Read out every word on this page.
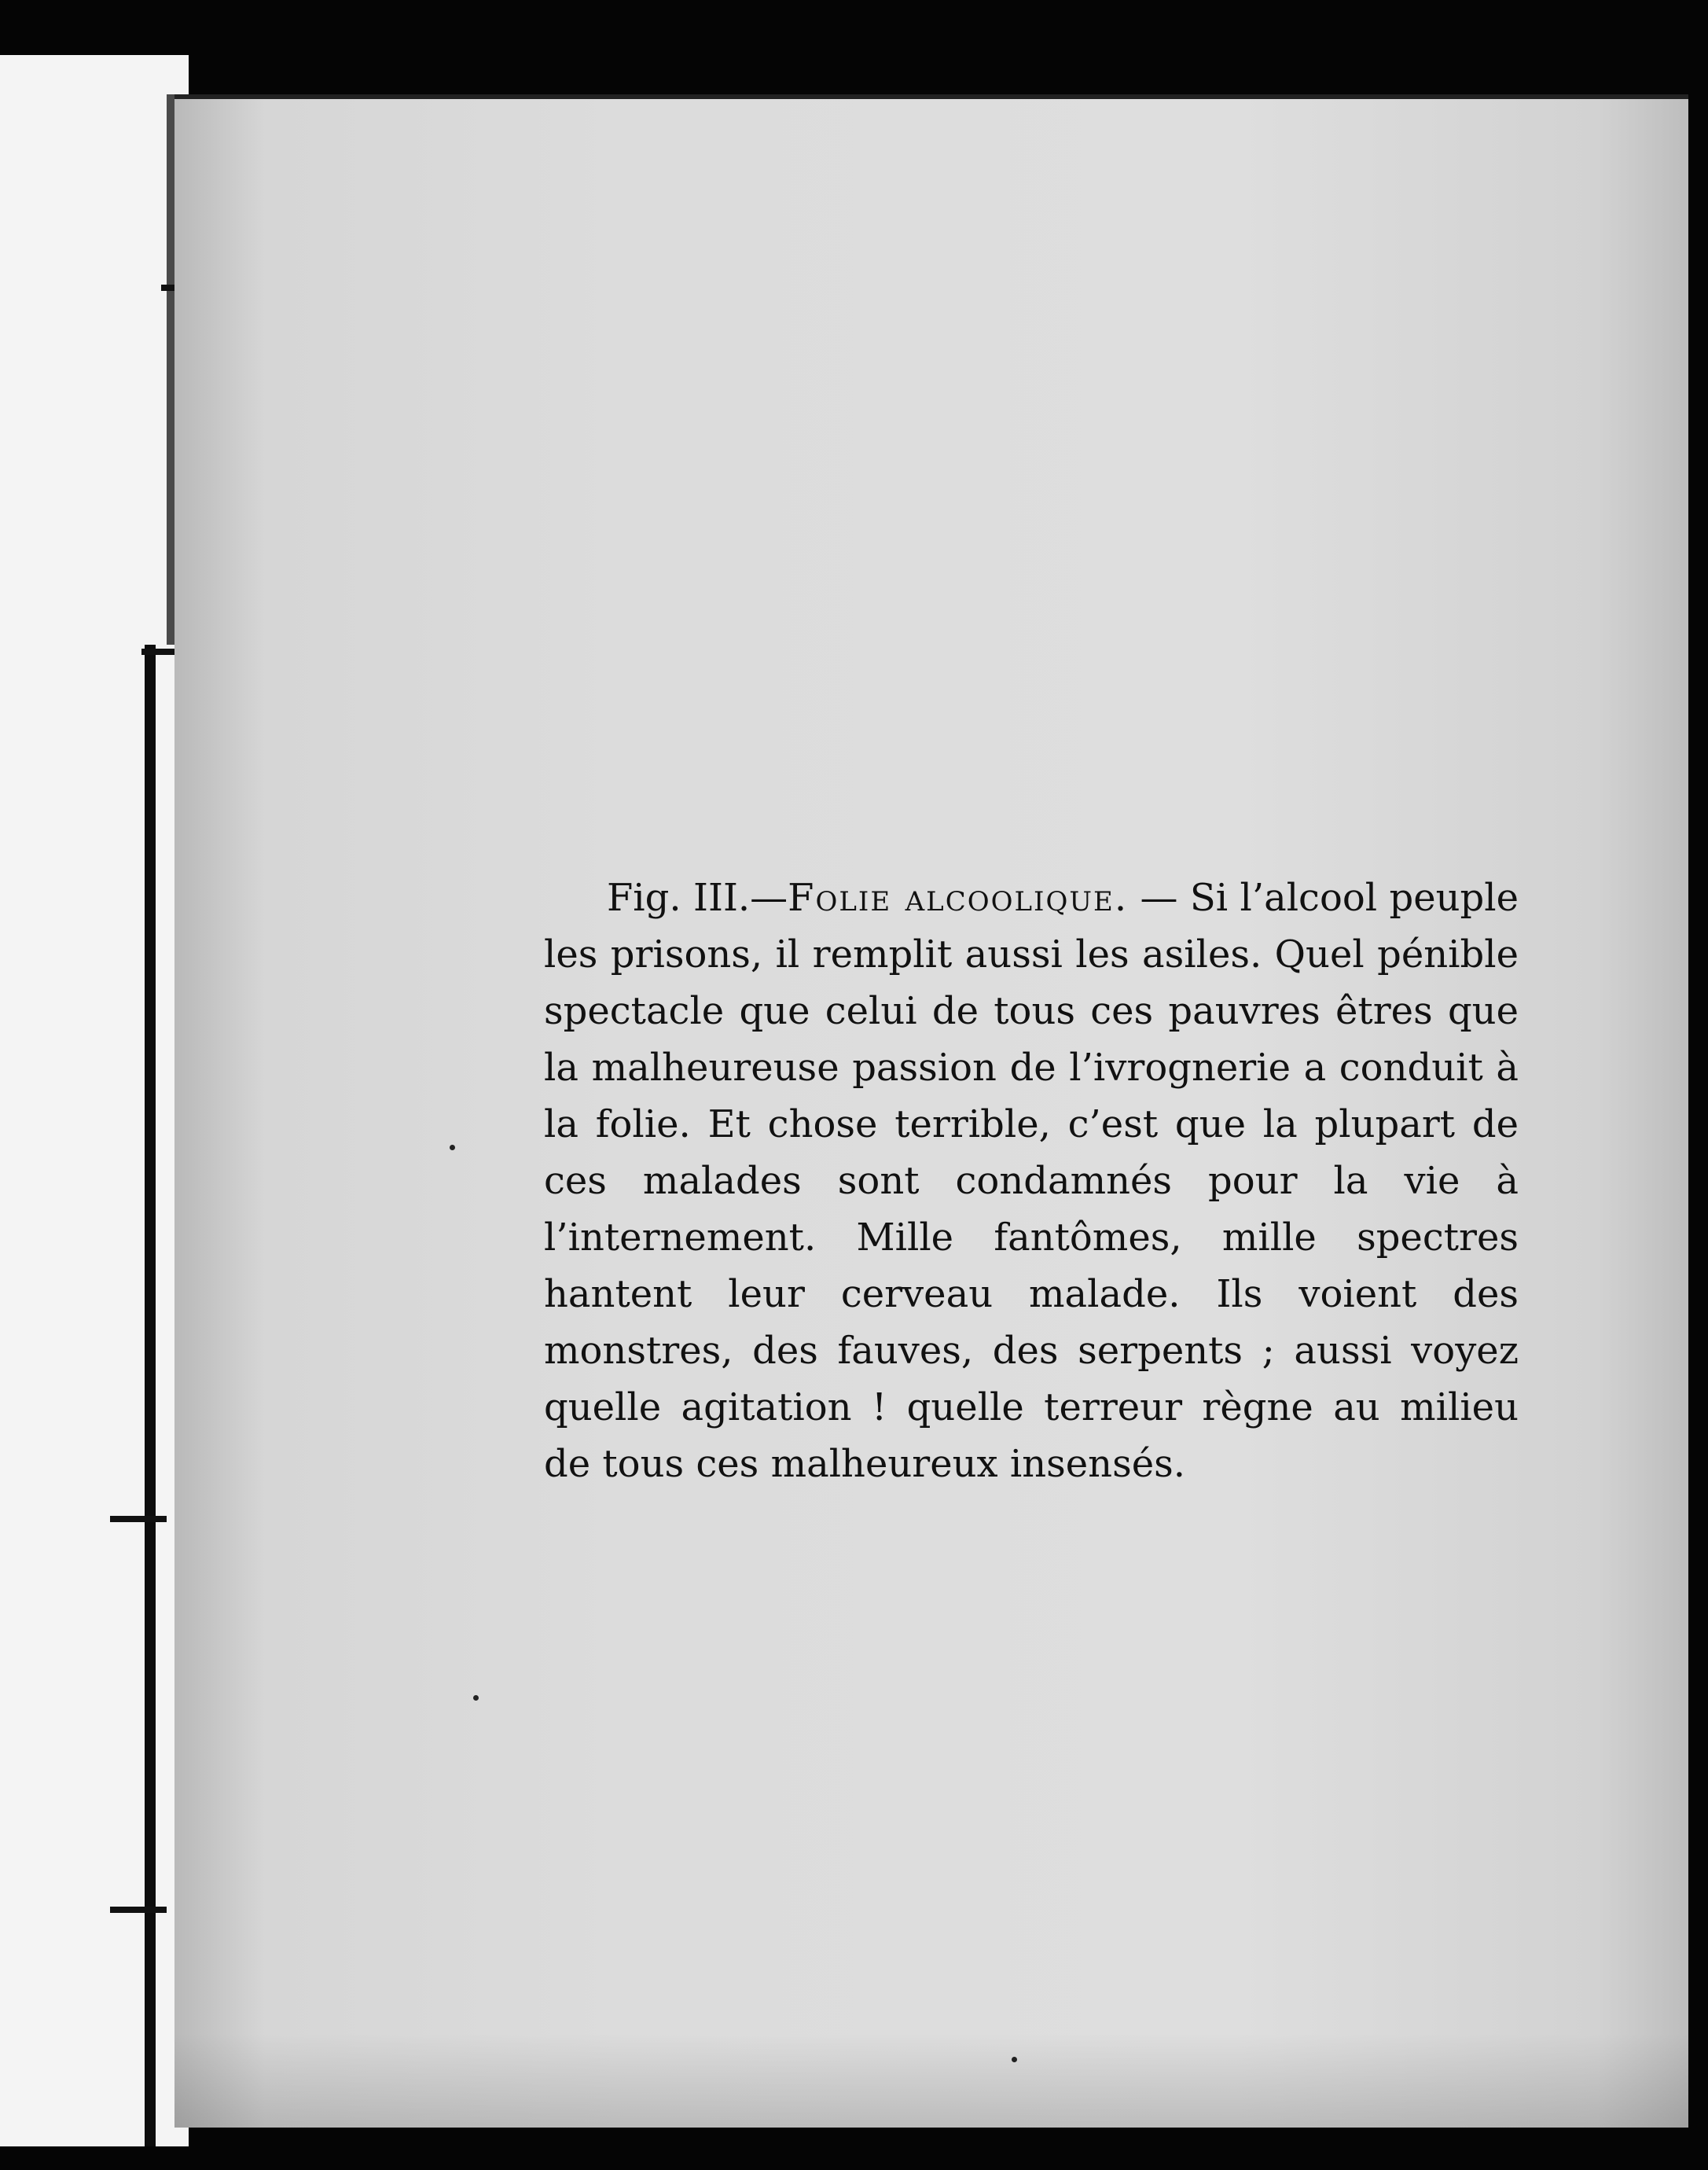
Fig. III.—Folie alcoolique. — Si l’alcool peuple les prisons, il remplit aussi les asiles. Quel pénible spectacle que celui de tous ces pauvres êtres que la malheureuse passion de l’ivrognerie a conduit à la folie. Et chose terrible, c’est que la plupart de ces malades sont condamnés pour la vie à l’internement. Mille fantômes, mille spectres hantent leur cerveau malade. Ils voient des monstres, des fauves, des serpents ; aussi voyez quelle agitation ! quelle terreur règne au milieu de tous ces malheureux insensés.
